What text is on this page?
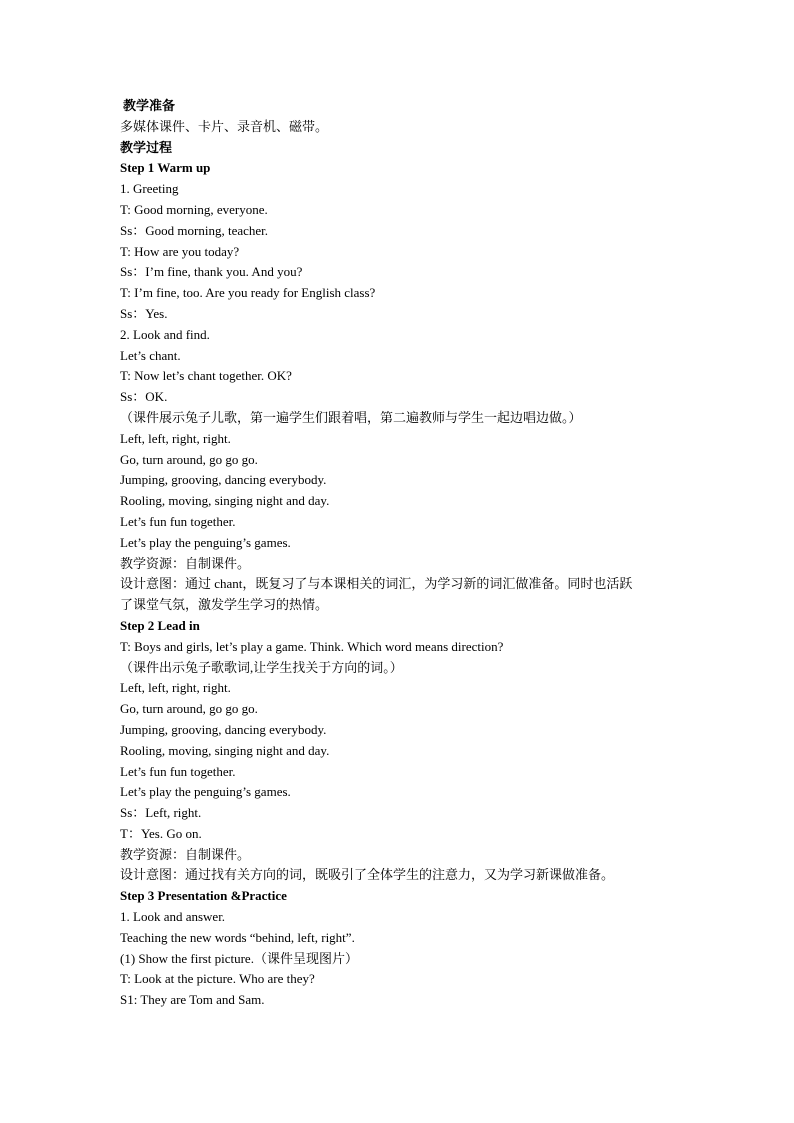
教学准备
多媒体课件、卡片、录音机、磁带。
教学过程
Step 1 Warm up
1. Greeting
T: Good morning, everyone.
Ss：Good morning, teacher.
T: How are you today?
Ss：I’m fine, thank you. And you?
T: I’m fine, too. Are you ready for English class?
Ss：Yes.
2. Look and find.
Let’s chant.
T: Now let’s chant together. OK?
Ss：OK.
（课件展示兔子儿歌，第一遍学生们跟着唱，第二遍教师与学生一起边唱边做。）
Left, left, right, right.
Go, turn around, go go go.
Jumping, grooving, dancing everybody.
Rooling, moving, singing night and day.
Let’s fun fun together.
Let’s play the penguing’s games.
教学资源：自制课件。
设计意图：通过 chant，既复习了与本课相关的词汇，为学习新的词汇做准备。同时也活跃
了课堂气氛，激发学生学习的热情。
Step 2 Lead in
T: Boys and girls, let’s play a game. Think. Which word means direction?
（课件出示兔子歌歌词,让学生找关于方向的词。）
Left, left, right, right.
Go, turn around, go go go.
Jumping, grooving, dancing everybody.
Rooling, moving, singing night and day.
Let’s fun fun together.
Let’s play the penguing’s games.
Ss：Left, right.
T：Yes. Go on.
教学资源：自制课件。
设计意图：通过找有关方向的词，既吸引了全体学生的注意力，又为学习新课做准备。
Step 3 Presentation &Practice
1. Look and answer.
Teaching the new words “behind, left, right”.
(1) Show the first picture.（课件呈现图片）
T: Look at the picture. Who are they?
S1: They are Tom and Sam.
